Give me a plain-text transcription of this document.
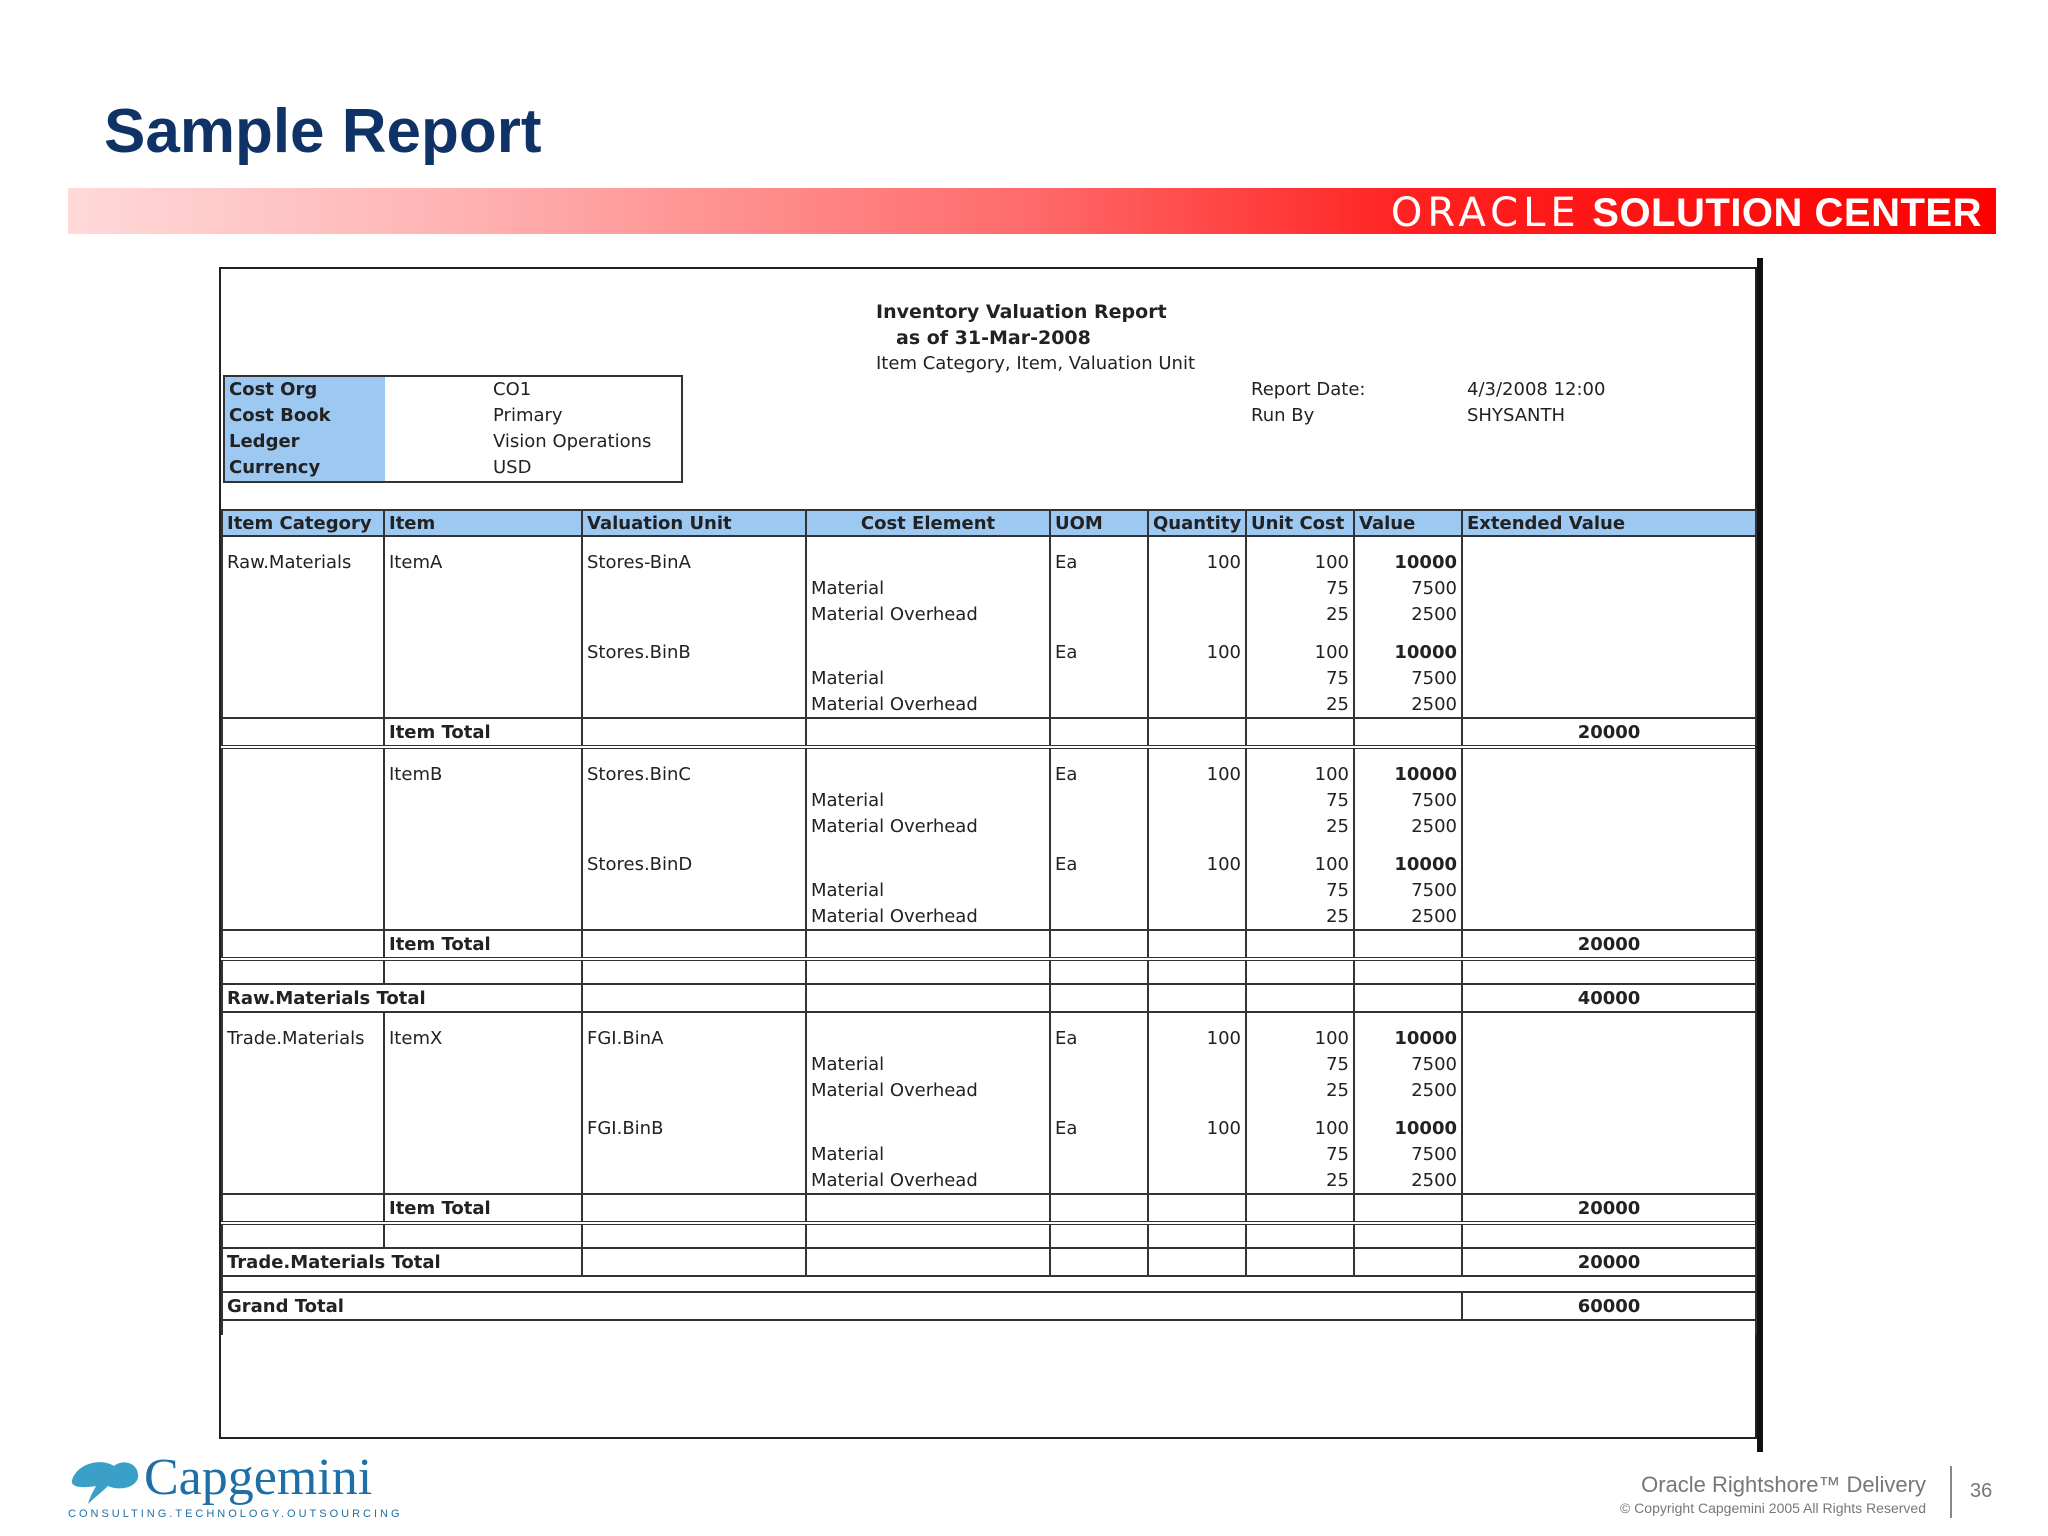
Sample Report
ORACLE SOLUTION CENTER
Inventory Valuation Report
as of 31-Mar-2008
Item Category, Item, Valuation Unit
Cost Org	CO1
Cost Book	Primary
Ledger	Vision Operations
Currency	USD
Report Date:	4/3/2008 12:00
Run By	SHYSANTH
Item Category	Item	Valuation Unit	Cost Element	UOM	Quantity	Unit Cost	Value	Extended Value
Raw.Materials	ItemA	Stores-BinA		Ea	100	100	10000	
			Material			75	7500	
			Material Overhead			25	2500	
		Stores.BinB		Ea	100	100	10000	
			Material			75	7500	
			Material Overhead			25	2500	
	Item Total							20000
	ItemB	Stores.BinC		Ea	100	100	10000	
			Material			75	7500	
			Material Overhead			25	2500	
		Stores.BinD		Ea	100	100	10000	
			Material			75	7500	
			Material Overhead			25	2500	
	Item Total							20000

Raw.Materials Total								40000
Trade.Materials	ItemX	FGI.BinA		Ea	100	100	10000	
			Material			75	7500	
			Material Overhead			25	2500	
		FGI.BinB		Ea	100	100	10000	
			Material			75	7500	
			Material Overhead			25	2500	
	Item Total							20000

Trade.Materials Total								20000

Grand Total								60000

Capgemini
CONSULTING.TECHNOLOGY.OUTSOURCING
Oracle Rightshore™ Delivery
© Copyright Capgemini 2005 All Rights Reserved
36
